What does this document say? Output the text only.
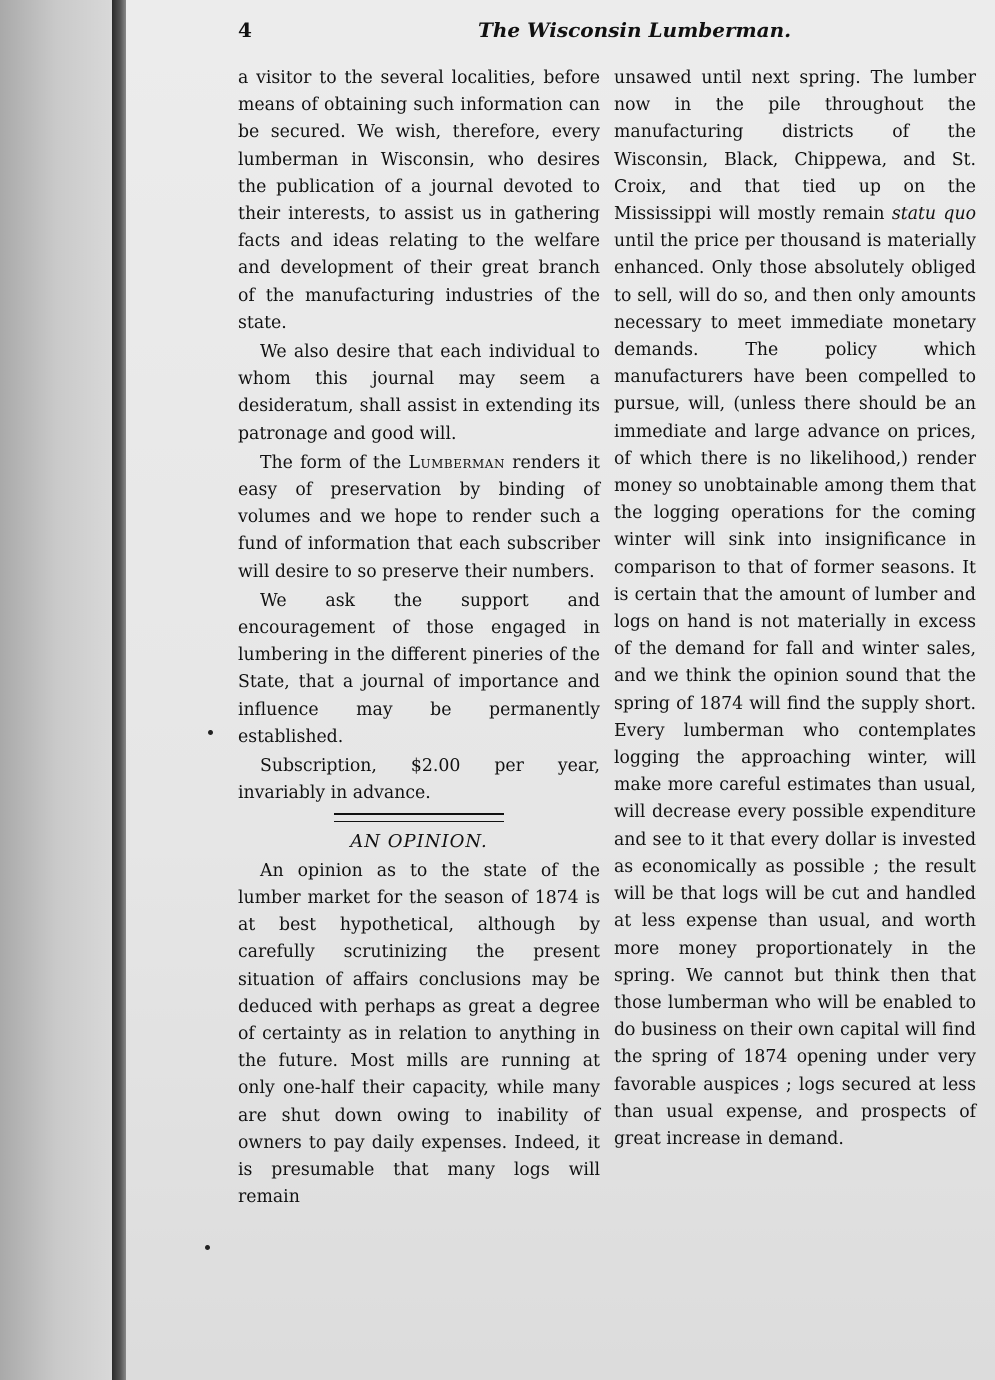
4	The Wisconsin Lumberman.

a visitor to the several localities, before means of obtaining such information can be secured. We wish, therefore, every lumberman in Wisconsin, who desires the publication of a journal devoted to their interests, to assist us in gathering facts and ideas relating to the welfare and development of their great branch of the manufacturing industries of the state.

We also desire that each individual to whom this journal may seem a desideratum, shall assist in extending its patronage and good will.

The form of the Lumberman renders it easy of preservation by binding of volumes and we hope to render such a fund of information that each subscriber will desire to so preserve their numbers.

We ask the support and encouragement of those engaged in lumbering in the different pineries of the State, that a journal of importance and influence may be permanently established.

Subscription, $2.00 per year, invariably in advance.

AN OPINION.

An opinion as to the state of the lumber market for the season of 1874 is at best hypothetical, although by carefully scrutinizing the present situation of affairs conclusions may be deduced with perhaps as great a degree of certainty as in relation to anything in the future. Most mills are running at only one-half their capacity, while many are shut down owing to inability of owners to pay daily expenses. Indeed, it is presumable that many logs will remain

unsawed until next spring. The lumber now in the pile throughout the manufacturing districts of the Wisconsin, Black, Chippewa, and St. Croix, and that tied up on the Mississippi will mostly remain statu quo until the price per thousand is materially enhanced. Only those absolutely obliged to sell, will do so, and then only amounts necessary to meet immediate monetary demands. The policy which manufacturers have been compelled to pursue, will, (unless there should be an immediate and large advance on prices, of which there is no likelihood,) render money so unobtainable among them that the logging operations for the coming winter will sink into insignificance in comparison to that of former seasons. It is certain that the amount of lumber and logs on hand is not materially in excess of the demand for fall and winter sales, and we think the opinion sound that the spring of 1874 will find the supply short. Every lumberman who contemplates logging the approaching winter, will make more careful estimates than usual, will decrease every possible expenditure and see to it that every dollar is invested as economically as possible ; the result will be that logs will be cut and handled at less expense than usual, and worth more money proportionately in the spring. We cannot but think then that those lumberman who will be enabled to do business on their own capital will find the spring of 1874 opening under very favorable auspices ; logs secured at less than usual expense, and prospects of great increase in demand.
